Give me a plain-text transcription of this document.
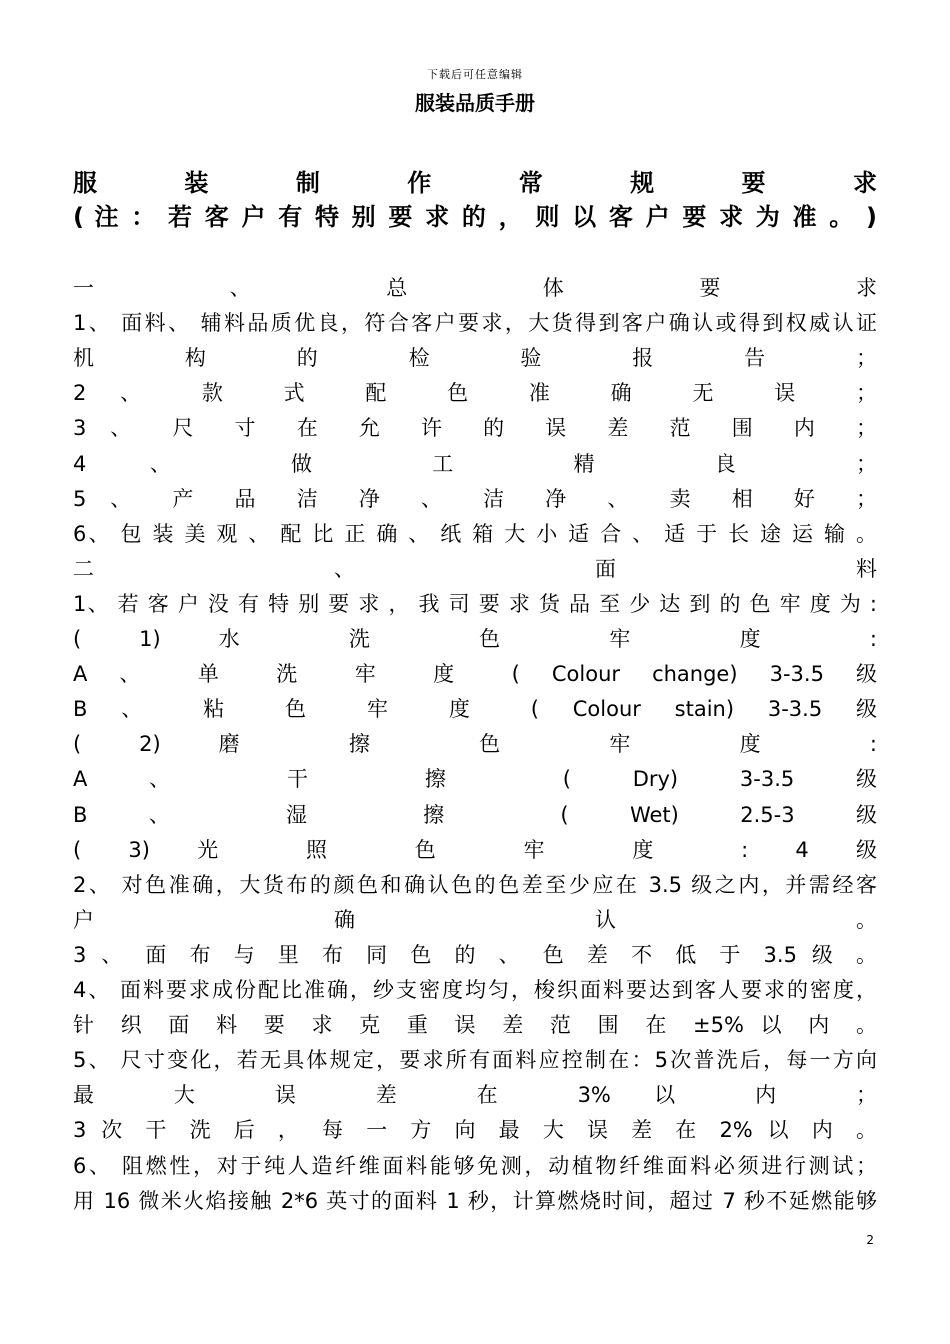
下载后可任意编辑
服装品质手册
服 装 制 作 常 规 要 求
( 注 ： 若 客 户 有 特 别 要 求 的 ， 则 以 客 户 要 求 为 准 。 )
一 、 总 体 要 求
1、 面料、 辅料品质优良，符合客户要求，大货得到客户确认或得到权威认证
机 构 的 检 验 报 告 ；
2 、 款 式 配 色 准 确 无 误 ；
3 、 尺 寸 在 允 许 的 误 差 范 围 内 ；
4 、 做 工 精 良 ；
5 、 产 品 洁 净 、 洁 净 、 卖 相 好 ；
6、 包 装 美 观 、 配 比 正 确 、 纸 箱 大 小 适 合 、 适 于 长 途 运 输 。
二 、 面 料
1、 若 客 户 没 有 特 别 要 求 ， 我 司 要 求 货 品 至 少 达 到 的 色 牢 度 为 :
( 1) 水 洗 色 牢 度 :
A 、 单 洗 牢 度 ( Colour change) 3-3.5 级
B 、 粘 色 牢 度 ( Colour stain) 3-3.5 级
( 2) 磨 擦 色 牢 度 :
A 、 干 擦 ( Dry) 3-3.5 级
B 、 湿 擦 ( Wet) 2.5-3 级
( 3) 光 照 色 牢 度 : 4 级
2、 对色准确，大货布的颜色和确认色的色差至少应在 3.5 级之内，并需经客
户 确 认 。
3 、 面 布 与 里 布 同 色 的 、 色 差 不 低 于 3.5 级 。
4、 面料要求成份配比准确，纱支密度均匀，梭织面料要达到客人要求的密度，
针 织 面 料 要 求 克 重 误 差 范 围 在 ±5% 以 内 。
5、 尺寸变化，若无具体规定，要求所有面料应控制在：5次普洗后，每一方向
最 大 误 差 在 3% 以 内 ；
3 次 干 洗 后 ， 每 一 方 向 最 大 误 差 在 2% 以 内 。
6、 阻燃性，对于纯人造纤维面料能够免测，动植物纤维面料必须进行测试；
用 16 微米火焰接触 2*6 英寸的面料 1 秒，计算燃烧时间，超过 7 秒不延燃能够
2
